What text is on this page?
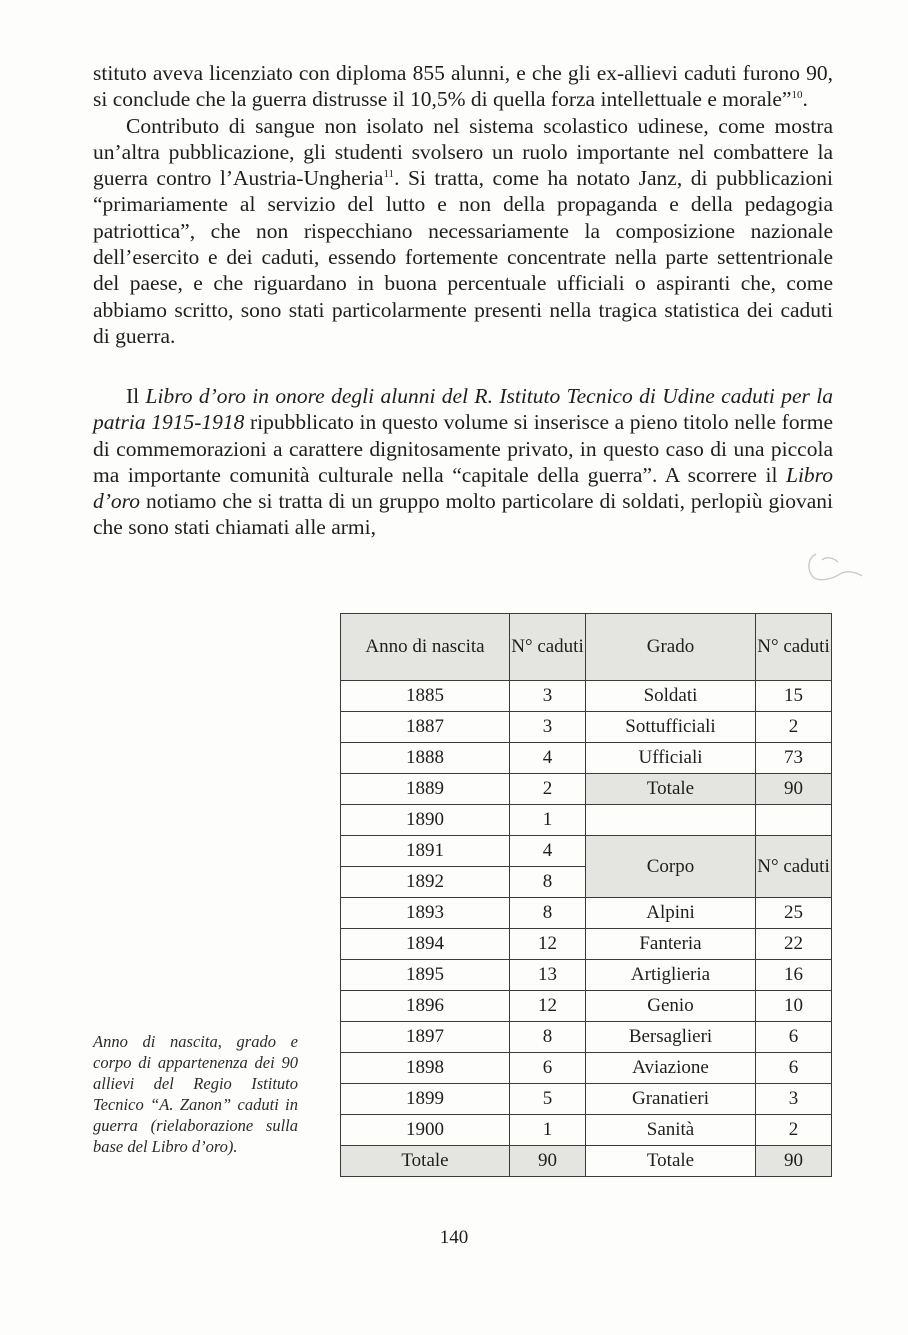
stituto aveva licenziato con diploma 855 alunni, e che gli ex-allievi caduti furono 90, si conclude che la guerra distrusse il 10,5% di quella forza intellettuale e morale”$^{10}$.

Contributo di sangue non isolato nel sistema scolastico udinese, come mostra un’altra pubblicazione, gli studenti svolsero un ruolo importante nel combattere la guerra contro l’Austria-Ungheria$^{11}$. Si tratta, come ha notato Janz, di pubblicazioni “primariamente al servizio del lutto e non della propaganda e della pedagogia patriottica”, che non rispecchiano necessariamente la composizione nazionale dell’esercito e dei caduti, essendo fortemente concentrate nella parte settentrionale del paese, e che riguardano in buona percentuale ufficiali o aspiranti che, come abbiamo scritto, sono stati particolarmente presenti nella tragica statistica dei caduti di guerra.

Il Libro d’oro in onore degli alunni del R. Istituto Tecnico di Udine caduti per la patria 1915-1918 ripubblicato in questo volume si inserisce a pieno titolo nelle forme di commemorazioni a carattere dignitosamente privato, in questo caso di una piccola ma importante comunità culturale nella “capitale della guerra”. A scorrere il Libro d’oro notiamo che si tratta di un gruppo molto particolare di soldati, perlopiù giovani che sono stati chiamati alle armi,

Anno di nascita	N° caduti	Grado	N° caduti
1885	3	Soldati	15
1887	3	Sottufficiali	2
1888	4	Ufficiali	73
1889	2	Totale	90
1890	1		
1891	4	Corpo	N° caduti
1892	8		
1893	8	Alpini	25
1894	12	Fanteria	22
1895	13	Artiglieria	16
1896	12	Genio	10
1897	8	Bersaglieri	6
1898	6	Aviazione	6
1899	5	Granatieri	3
1900	1	Sanità	2
Totale	90	Totale	90
Anno di nascita, grado e corpo di appartenenza dei 90 allievi del Regio Istituto Tecnico “A. Zanon” caduti in guerra (rielaborazione sulla base del Libro d’oro).
140
